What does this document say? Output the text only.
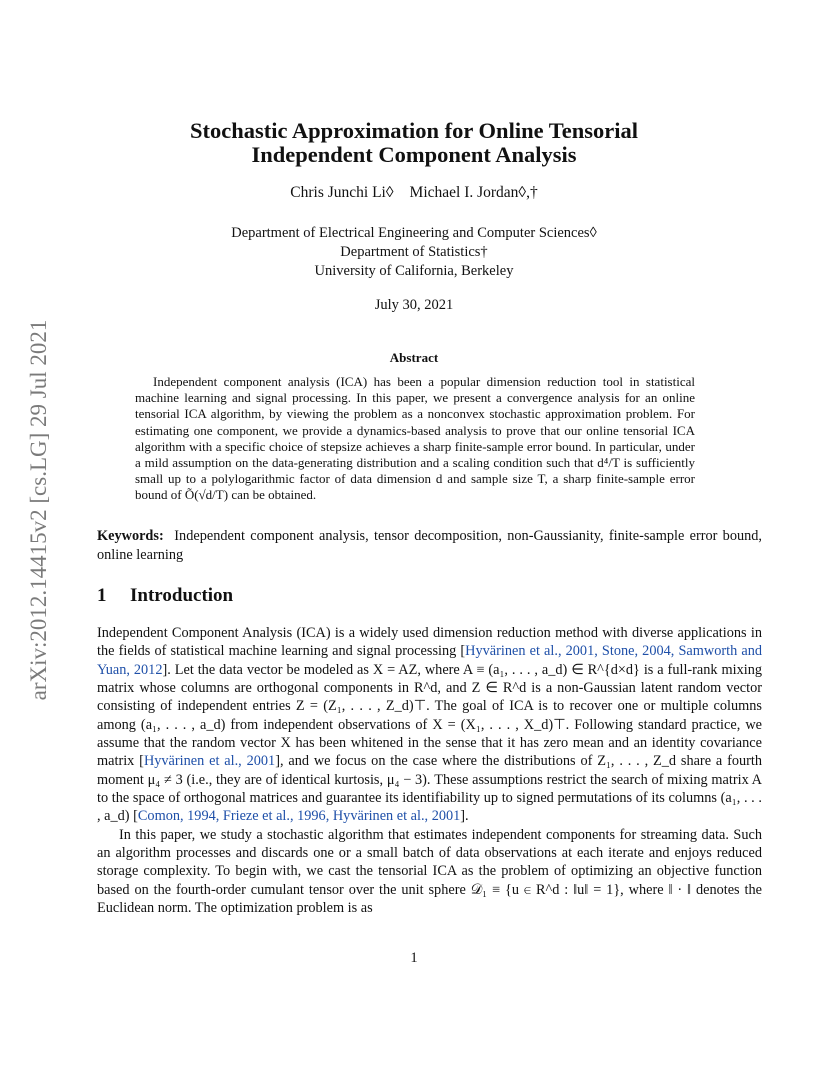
arXiv:2012.14415v2 [cs.LG] 29 Jul 2021
Stochastic Approximation for Online Tensorial
Independent Component Analysis
Chris Junchi Li◊ Michael I. Jordan◊,†
Department of Electrical Engineering and Computer Sciences◊
Department of Statistics†
University of California, Berkeley
July 30, 2021
Abstract
Independent component analysis (ICA) has been a popular dimension reduction tool in statistical machine learning and signal processing. In this paper, we present a convergence analysis for an online tensorial ICA algorithm, by viewing the problem as a nonconvex stochastic approximation problem. For estimating one component, we provide a dynamics-based analysis to prove that our online tensorial ICA algorithm with a specific choice of stepsize achieves a sharp finite-sample error bound. In particular, under a mild assumption on the data-generating distribution and a scaling condition such that d⁴/T is sufficiently small up to a polylogarithmic factor of data dimension d and sample size T, a sharp finite-sample error bound of Õ(√d/T) can be obtained.
Keywords: Independent component analysis, tensor decomposition, non-Gaussianity, finite-sample error bound, online learning
1 Introduction

Independent Component Analysis (ICA) is a widely used dimension reduction method with diverse applications in the fields of statistical machine learning and signal processing [Hyvärinen et al., 2001, Stone, 2004, Samworth and Yuan, 2012]. Let the data vector be modeled as X = AZ, where A ≡ (a₁, . . . , a_d) ∈ R^{d×d} is a full-rank mixing matrix whose columns are orthogonal components in R^d, and Z ∈ R^d is a non-Gaussian latent random vector consisting of independent entries Z = (Z₁, . . . , Z_d)⊤. The goal of ICA is to recover one or multiple columns among (a₁, . . . , a_d) from independent observations of X = (X₁, . . . , X_d)⊤. Following standard practice, we assume that the random vector X has been whitened in the sense that it has zero mean and an identity covariance matrix [Hyvärinen et al., 2001], and we focus on the case where the distributions of Z₁, . . . , Z_d share a fourth moment μ₄ ≠ 3 (i.e., they are of identical kurtosis, μ₄ − 3). These assumptions restrict the search of mixing matrix A to the space of orthogonal matrices and guarantee its identifiability up to signed permutations of its columns (a₁, . . . , a_d) [Comon, 1994, Frieze et al., 1996, Hyvärinen et al., 2001].

In this paper, we study a stochastic algorithm that estimates independent components for streaming data. Such an algorithm processes and discards one or a small batch of data observations at each iterate and enjoys reduced storage complexity. To begin with, we cast the tensorial ICA as the problem of optimizing an objective function based on the fourth-order cumulant tensor over the unit sphere 𝒟₁ ≡ {u ∈ R^d : ‖u‖ = 1}, where ‖ · ‖ denotes the Euclidean norm. The optimization problem is as

1
